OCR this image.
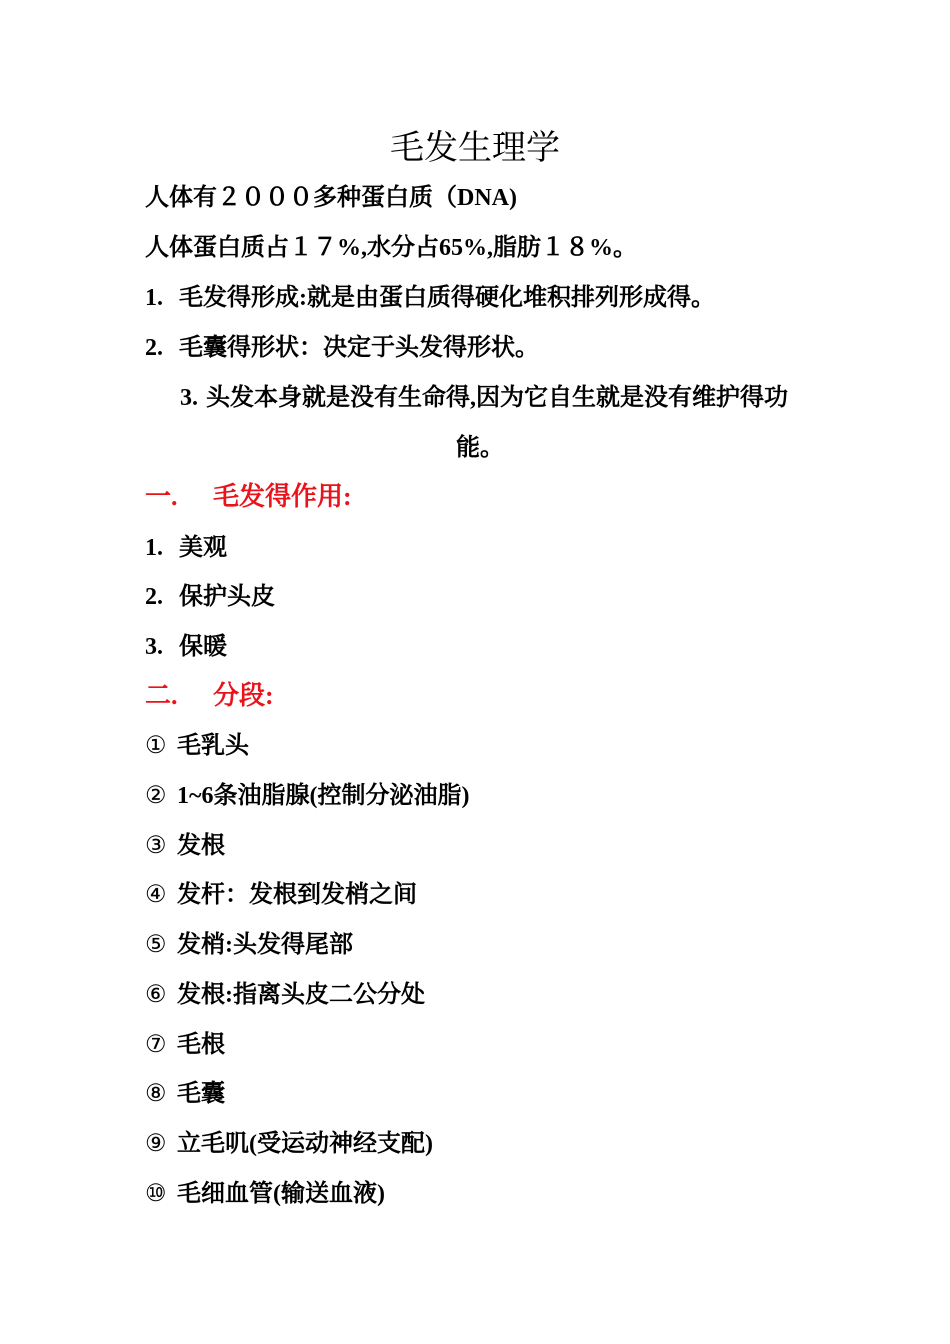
毛发生理学
人体有２０００多种蛋白质（DNA)
人体蛋白质占１７%,水分占65%,脂肪１８%。
1. 毛发得形成:就是由蛋白质得硬化堆积排列形成得。
2. 毛囊得形状：决定于头发得形状。
3. 头发本身就是没有生命得,因为它自生就是没有维护得功能。
一. 毛发得作用:
1. 美观
2. 保护头皮
3. 保暖
二. 分段:
① 毛乳头
② 1~6条油脂腺(控制分泌油脂)
③ 发根
④ 发杆：发根到发梢之间
⑤ 发梢:头发得尾部
⑥ 发根:指离头皮二公分处
⑦ 毛根
⑧ 毛囊
⑨ 立毛叽(受运动神经支配)
⑩ 毛细血管(输送血液)
